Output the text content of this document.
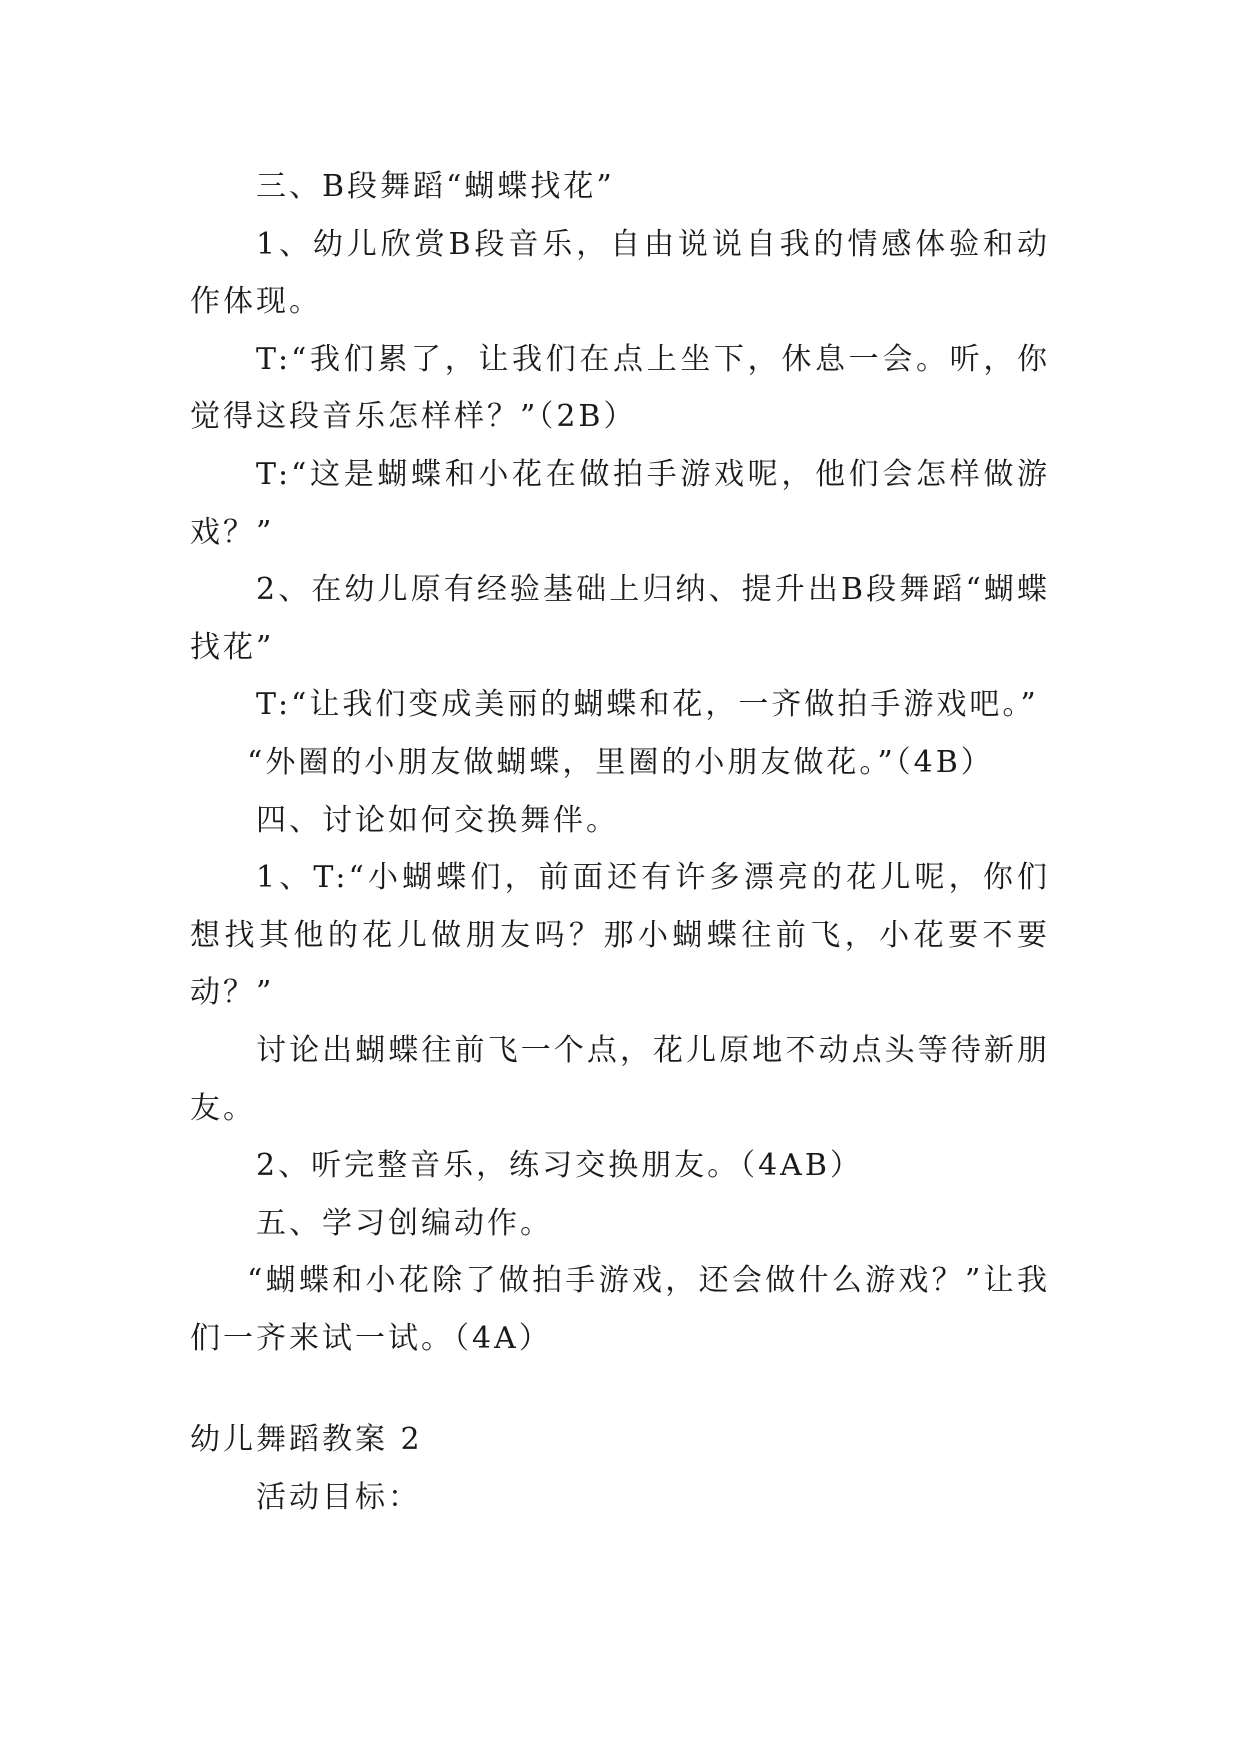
三、B段舞蹈“蝴蝶找花”

1、幼儿欣赏B段音乐，自由说说自我的情感体验和动作体现。

T:“我们累了，让我们在点上坐下，休息一会。听，你觉得这段音乐怎样样？”（2B）

T:“这是蝴蝶和小花在做拍手游戏呢，他们会怎样做游戏？”

2、在幼儿原有经验基础上归纳、提升出B段舞蹈“蝴蝶找花”

T:“让我们变成美丽的蝴蝶和花，一齐做拍手游戏吧。”

“外圈的小朋友做蝴蝶，里圈的小朋友做花。”（4B）

四、讨论如何交换舞伴。

1、T:“小蝴蝶们，前面还有许多漂亮的花儿呢，你们想找其他的花儿做朋友吗？那小蝴蝶往前飞，小花要不要动？”

讨论出蝴蝶往前飞一个点，花儿原地不动点头等待新朋友。

2、听完整音乐，练习交换朋友。（4AB）

五、学习创编动作。

“蝴蝶和小花除了做拍手游戏，还会做什么游戏？”让我们一齐来试一试。（4A）

幼儿舞蹈教案 2

活动目标：
